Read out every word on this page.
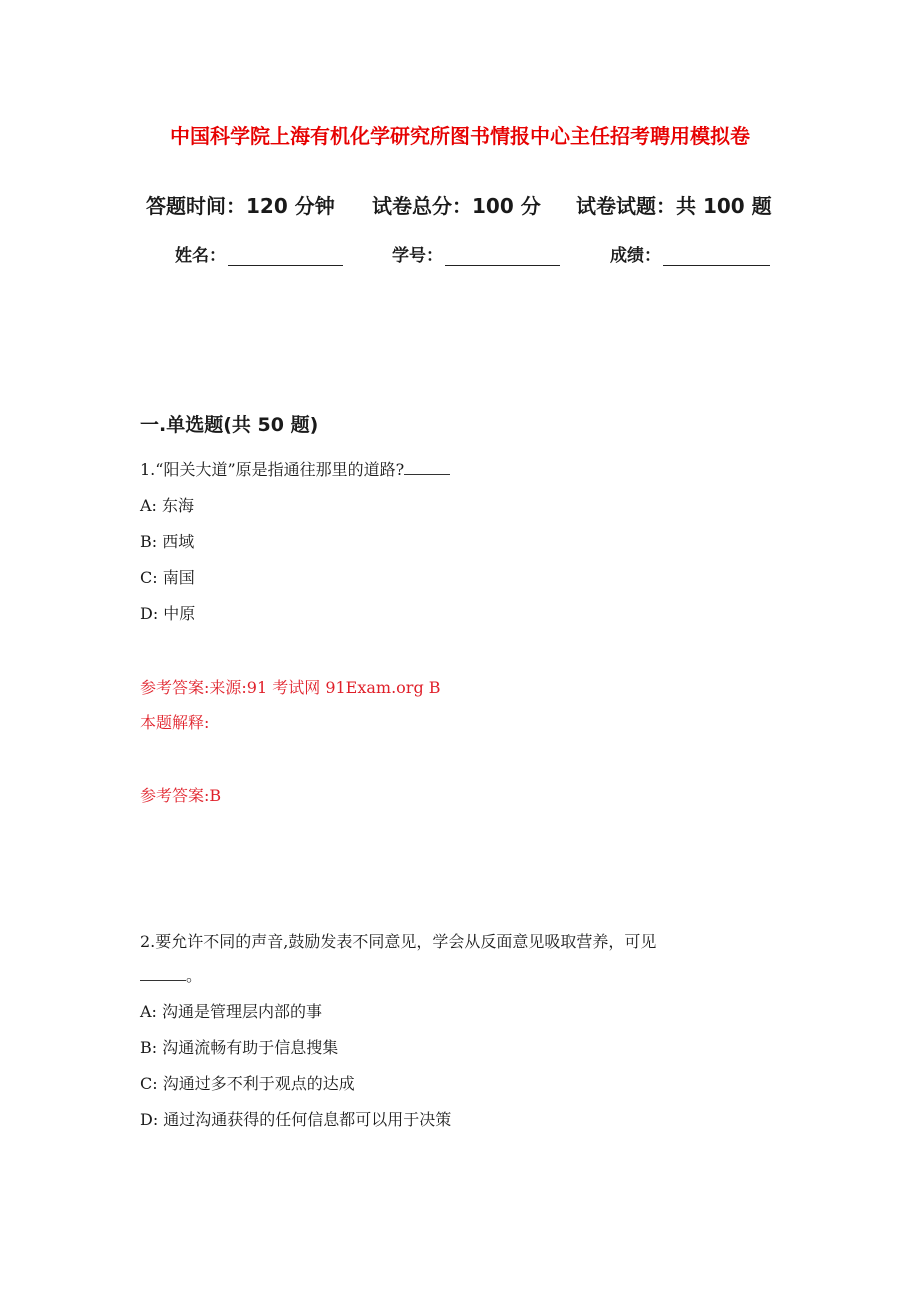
中国科学院上海有机化学研究所图书情报中心主任招考聘用模拟卷
答题时间：120 分钟 试卷总分：100 分 试卷试题：共 100 题
姓名：	学号：	成绩：
一.单选题(共 50 题)
1.“阳关大道”原是指通往那里的道路?
A: 东海
B: 西域
C: 南国
D: 中原
参考答案:来源:91 考试网 91Exam.org B
本题解释:
参考答案:B
2.要允许不同的声音,鼓励发表不同意见，学会从反面意见吸取营养，可见
。
A: 沟通是管理层内部的事
B: 沟通流畅有助于信息搜集
C: 沟通过多不利于观点的达成
D: 通过沟通获得的任何信息都可以用于决策
